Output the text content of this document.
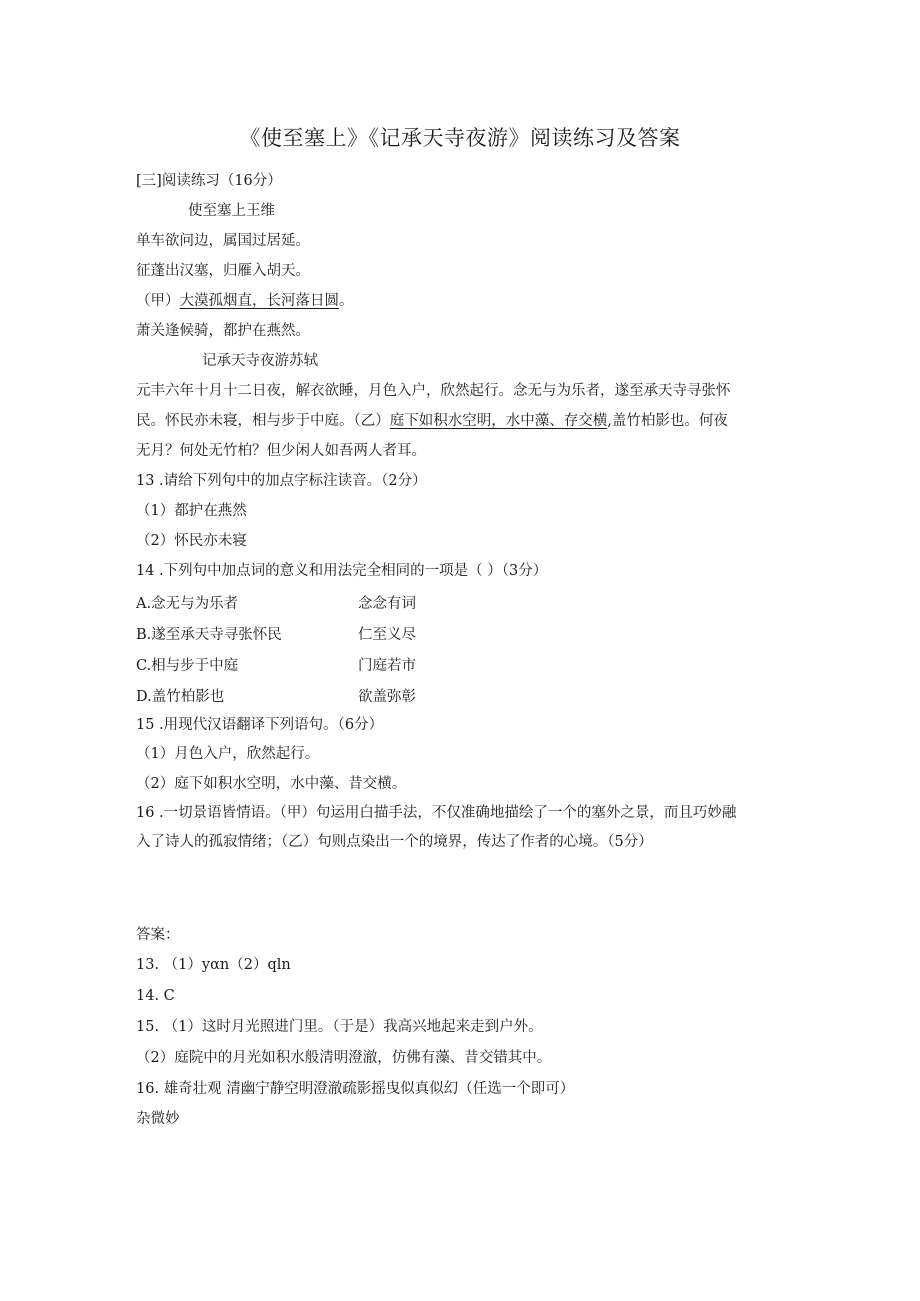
《使至塞上》《记承天寺夜游》阅读练习及答案
[三]阅读练习（16分）
使至塞上王维
单车欲问边，属国过居延。
征蓬出汉塞，归雁入胡天。
（甲）大漠孤烟直，长河落日圆。
萧关逢候骑，都护在燕然。
记承天寺夜游苏轼
元丰六年十月十二日夜，解衣欲睡，月色入户，欣然起行。念无与为乐者，遂至承天寺寻张怀
民。怀民亦未寝，相与步于中庭。（乙）庭下如积水空明，水中藻、存交横,盖竹柏影也。何夜
无月？何处无竹柏？但少闲人如吾两人者耳。
13 .请给下列句中的加点字标注读音。（2分）
（1）都护在燕然
（2）怀民亦未寝
14 .下列句中加点词的意义和用法完全相同的一项是（ ）（3分）
A.念无与为乐者	念念有词
B.遂至承天寺寻张怀民	仁至义尽
C.相与步于中庭	门庭若市
D.盖竹柏影也	欲盖弥彰
15 .用现代汉语翻译下列语句。（6分）
（1）月色入户，欣然起行。
（2）庭下如积水空明，水中藻、昔交横。
16 .一切景语皆情语。（甲）句运用白描手法，不仅准确地描绘了一个的塞外之景，而且巧妙融
入了诗人的孤寂情绪；（乙）句则点染出一个的境界，传达了作者的心境。（5分）
答案：
13. （1）yαn（2）qln
14. C
15. （1）这时月光照进门里。（于是）我高兴地起来走到户外。
（2）庭院中的月光如积水般清明澄澈，仿佛有藻、昔交错其中。
16. 雄奇壮观 清幽宁静空明澄澈疏影摇曳似真似幻（任选一个即可）
杂微妙
